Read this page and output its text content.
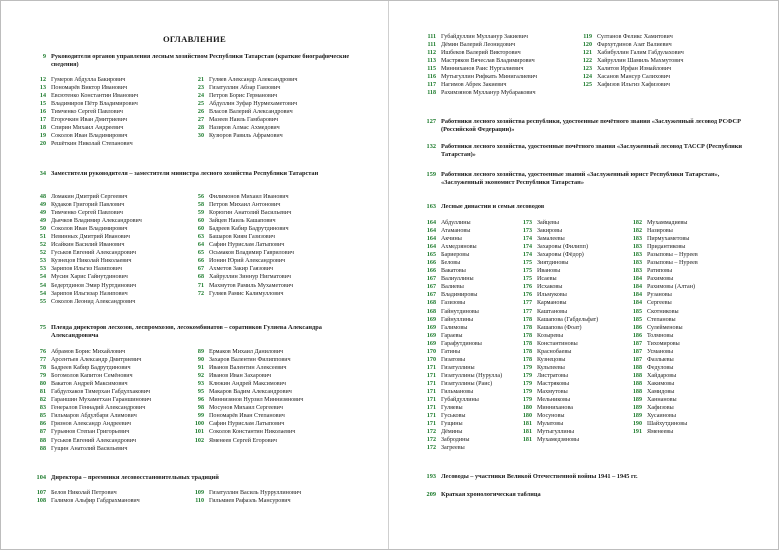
ОГЛАВЛЕНИЕ
9 Руководители органов управления лесным хозяйством Республики Татарстан (краткие биографические сведения)
12 Гумеров Абдулла Бакирович
13 Пономарёв Виктор Иванович
14 Евсютенко Константин Иванович
15 Владимиров Пётр Владимирович
16 Тимченко Сергей Павлович
17 Егорочкин Иван Дмитриевич
18 Спирин Михаил Андреевич
19 Соколов Иван Владимирович
20 Решёткин Николай Степанович
21 Гуляев Александр Александрович
23 Гизатуллин Абзар Гаязович
24 Петров Борис Германович
25 Абдуллин Зуфар Нурмехаметович
26 Власов Валерий Александрович
27 Мазеев Наиль Гамбарович
28 Назиров Алмас Ахмедович
30 Кузюров Равиль Афрамович
34 Заместители руководителя – заместители министра лесного хозяйства Республики Татарстан
48 Ломакин Дмитрий Сергеевич
49 Кудаков Григорий Павлович
49 Тимченко Сергей Павлович
49 Дьячков Владимир Александрович
50 Соколов Иван Владимирович
51 Невинных Дмитрий Иванович
52 Исайкин Василий Иванович
52 Гуськов Евгений Александрович
53 Кузнецов Николай Николаевич
53 Зарипов Ильгиз Назипович
54 Мусин Харис Гайнутдинович
54 Бедертдинов Эмир Нуртдинович
54 Зарипов Ильгизар Назипович
55 Соколов Леонид Александрович
56 Филимонов Михаил Иванович
58 Петров Михаил Антонович
59 Корюгин Анатолий Васильевич
60 Зайцев Наиль Кашапович
60 Бадреев Кабир Бадрутдинович
63 Башаров Киям Газизович
64 Сафин Нурислам Латыпович
65 Осьмаков Владимир Гаврилович
66 Ионин Юрий Александрович
67 Ахметов Закир Гаязович
68 Хайруллин Зиннур Нигматович
71 Махмутов Рамиль Мухаметович
72 Гуляев Рамис Калимуллович
75 Плеяда директоров лесхозов, леспромхозов, лесокомбинатов – соратников Гуляева Александра Александровича
76 Абрамов Борис Михайлович
77 Арсентьев Александр Дмитриевич
78 Бадреев Кабир Бадрутдинович
79 Богомолов Капитон Семёнович
80 Вакатов Андрей Максимович
81 Габдулхаков Тимерхан Габдулхакович
82 Гараншин Мухаметхан Гараншинович
83 Генералов Геннадий Александрович
85 Гильмаров Абдулбари Алимович
86 Грязнов Александр Андреевич
87 Гурьянов Степан Григорьевич
88 Гуськов Евгений Александрович
88 Гущин Анатолий Васильевич
89 Ермаков Михаил Данилович
90 Захаров Валентин Филиппович
91 Иванов Валентин Алексеевич
92 Иванов Иван Захарович
93 Клюкин Андрей Максимович
95 Макаров Вадим Александрович
96 Миннизянов Нурзил Миннизянович
98 Мосунов Михаил Сергеевич
99 Пономарёв Иван Степанович
100 Сафин Нурислам Латыпович
101 Соколов Константин Николаевич
102 Яменеев Сергей Егорович
104 Директора – преемники лесовосстановительных традиций
107 Белов Николай Петрович
108 Галимов Альфир Габдрахманович
109 Гизатуллин Василь Нурруллинович
110 Гильмиев Рафаэль Мансурович
111 Губайдуллин Муллануp Закиевич
111 Дёмин Валерий Леонидович
112 Ишбеков Валерий Викторович
113 Мастряков Вячеслав Владимирович
115 Минниханов Раис Нургалиевич
116 Мутыгуллин Рифкать Минигалиевич
117 Нагимов Абрек Закиевич
118 Рахимзянов Муллануp Мубаракович
119 Султанов Феликс Хамитович
120 Фархутдинов Азат Валиевич
121 Хабибуллин Галим Габдулахович
122 Хайруллин Шамиль Махмутович
123 Халитов Ирфан Измайлович
124 Хасанов Мансур Салихович
125 Хафизов Ильгиз Хафизович
127 Работники лесного хозяйства республики, удостоенные почётного звания «Заслуженный лесовод РСФСР (Российской Федерации)»
132 Работники лесного хозяйства, удостоенные почётного звания «Заслуженный лесовод ТАССР (Республики Татарстан)»
159 Работники лесного хозяйства, удостоенные званий «Заслуженный юрист Республики Татарстан», «Заслуженный экономист Республики Татарстан»
163 Лесные династии и семьи лесоводов
164 Абдуллины
164 Атамановы
164 Акчины
164 Ахмедзяновы
165 Бариеровы
166 Беловы
166 Вакатовы
167 Валиуллины
167 Валиевы
167 Владимировы
168 Газизовы
168 Гайнутдиновы
169 Гайнуллины
169 Галимовы
169 Гараевы
169 Гарафутдиновы
170 Гатины
170 Гизатовы
171 Гизатуллины
171 Гизатуллины (Нурулла)
171 Гизатуллины (Раис)
171 Гильмановы
171 Губайдуллины
171 Гуляевы
171 Гуськовы
171 Гущины
172 Дёмины
172 Забродины
172 Загреевы
173 Зайцевы
173 Закировы
174 Замалеевы
174 Захаровы (Филипп)
174 Захаровы (Фёдор)
175 Зиятдиновы
175 Ивановы
175 Исаевы
176 Исхаковы
176 Ильмуковы
177 Кармановы
177 Каштановы
178 Кашапова (Габдельфат)
178 Кашапова (Фоат)
178 Козыревы
178 Константиновы
178 Краснобаевы
178 Кузнецовы
179 Кульпеевы
179 Листратовы
179 Мастряковы
179 Махмутовы
179 Мельниковы
180 Минниханова
180 Мосуновы
181 Мулатовы
181 Мутыгуллины
181 Мухамедзяновы
182 Мухаммадиевы
182 Назировы
183 Пирмухаметовы
183 Придантиковы
183 Разыповы – Нуреев
183 Разыповы – Нуреев
183 Ратиповы
184 Рахимовы
184 Рахимовы (Алтан)
184 Рузановы
184 Сергеевы
185 Скотниковы
185 Степановы
186 Сулейменовы
186 Толмновы
187 Тихомировы
187 Усмановы
187 Фазлыевы
188 Федуловы
188 Хайдаровы
188 Хакимовы
188 Хамидовы
189 Ханнановы
189 Хафизовы
189 Хусаиновы
190 Шайхутдиновы
191 Яменеевы
193 Лесоводы – участники Великой Отечественной войны 1941 – 1945 гг.
209 Краткая хронологическая таблица
